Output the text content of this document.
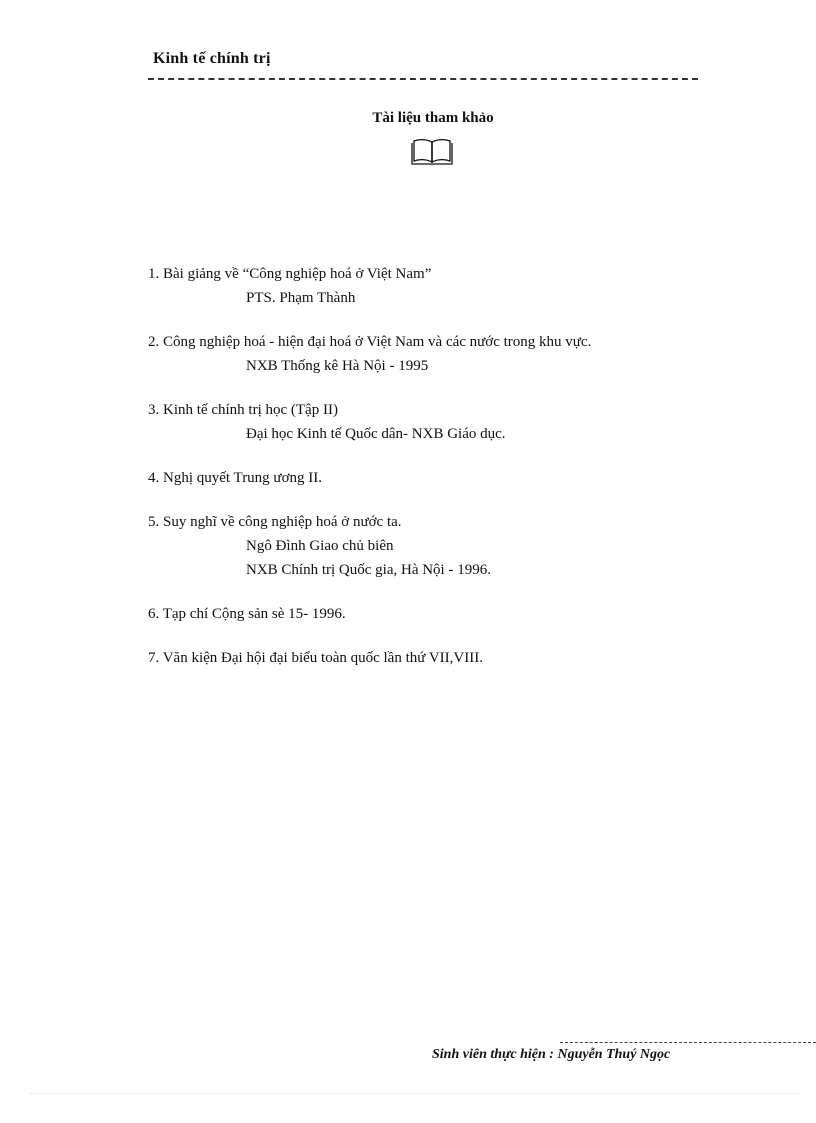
Kinh tế chính trị
Tài liệu tham khảo
1. Bài giảng về “Công nghiệp hoá ở Việt Nam”
PTS. Phạm Thành
2. Công nghiệp hoá - hiện đại hoá ở Việt Nam và các nước trong khu vực.
NXB Thống kê Hà Nội - 1995
3. Kinh tế chính trị học (Tập II)
Đại học Kinh tế Quốc dân- NXB Giáo dục.
4. Nghị quyết Trung ương II.
5. Suy nghĩ về công nghiệp hoá ở nước ta.
Ngô Đình Giao chủ biên
NXB Chính trị Quốc gia, Hà Nội - 1996.
6. Tạp chí Cộng sản sè 15- 1996.
7. Văn kiện Đại hội đại biểu toàn quốc lần thứ VII,VIII.
Sinh viên thực hiện : Nguyễn Thuý Ngọc
